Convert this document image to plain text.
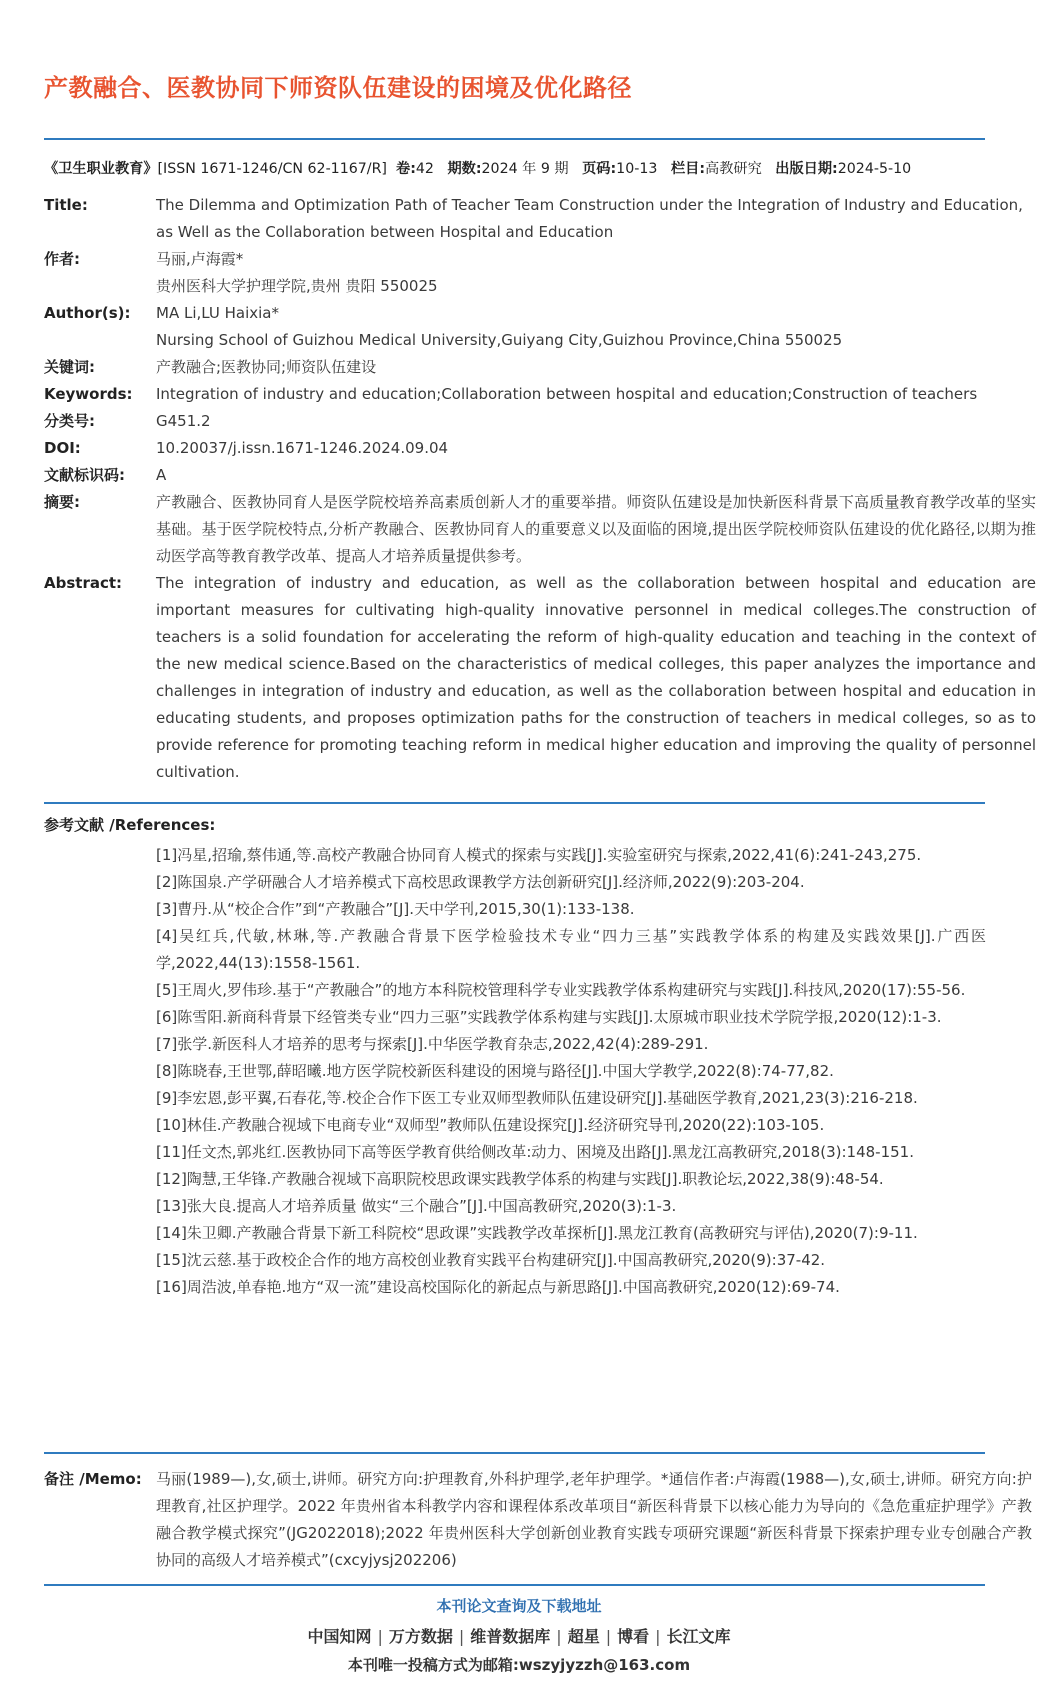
产教融合、医教协同下师资队伍建设的困境及优化路径
《卫生职业教育》[ISSN 1671-1246/CN 62-1167/R] 卷:42 期数:2024 年 9 期 页码:10-13 栏目:高教研究 出版日期:2024-5-10
Title:	The Dilemma and Optimization Path of Teacher Team Construction under the Integration of Industry and Education, as Well as the Collaboration between Hospital and Education
作者:	马丽,卢海霞*
贵州医科大学护理学院,贵州 贵阳 550025
Author(s): MA Li,LU Haixia*
Nursing School of Guizhou Medical University,Guiyang City,Guizhou Province,China 550025
关键词:	产教融合;医教协同;师资队伍建设
Keywords: Integration of industry and education;Collaboration between hospital and education;Construction of teachers
分类号:	G451.2
DOI:	10.20037/j.issn.1671-1246.2024.09.04
文献标识码: A
摘要:	产教融合、医教协同育人是医学院校培养高素质创新人才的重要举措。师资队伍建设是加快新医科背景下高质量教育教学改革的坚实基础。基于医学院校特点,分析产教融合、医教协同育人的重要意义以及面临的困境,提出医学院校师资队伍建设的优化路径,以期为推动医学高等教育教学改革、提高人才培养质量提供参考。
Abstract: The integration of industry and education, as well as the collaboration between hospital and education are important measures for cultivating high-quality innovative personnel in medical colleges.The construction of teachers is a solid foundation for accelerating the reform of high-quality education and teaching in the context of the new medical science.Based on the characteristics of medical colleges, this paper analyzes the importance and challenges in integration of industry and education, as well as the collaboration between hospital and education in educating students, and proposes optimization paths for the construction of teachers in medical colleges, so as to provide reference for promoting teaching reform in medical higher education and improving the quality of personnel cultivation.
参考文献 /References:
[1]冯星,招瑜,蔡伟通,等.高校产教融合协同育人模式的探索与实践[J].实验室研究与探索,2022,41(6):241-243,275.
[2]陈国泉.产学研融合人才培养模式下高校思政课教学方法创新研究[J].经济师,2022(9):203-204.
[3]曹丹.从“校企合作”到“产教融合”[J].天中学刊,2015,30(1):133-138.
[4]吴红兵,代敏,林琳,等.产教融合背景下医学检验技术专业“四力三基”实践教学体系的构建及实践效果[J].广西医学,2022,44(13):1558-1561.
[5]王周火,罗伟珍.基于“产教融合”的地方本科院校管理科学专业实践教学体系构建研究与实践[J].科技风,2020(17):55-56.
[6]陈雪阳.新商科背景下经管类专业“四力三驱”实践教学体系构建与实践[J].太原城市职业技术学院学报,2020(12):1-3.
[7]张学.新医科人才培养的思考与探索[J].中华医学教育杂志,2022,42(4):289-291.
[8]陈晓春,王世鄂,薛昭曦.地方医学院校新医科建设的困境与路径[J].中国大学教学,2022(8):74-77,82.
[9]李宏恩,彭平翼,石春花,等.校企合作下医工专业双师型教师队伍建设研究[J].基础医学教育,2021,23(3):216-218.
[10]林佳.产教融合视域下电商专业“双师型”教师队伍建设探究[J].经济研究导刊,2020(22):103-105.
[11]任文杰,郭兆红.医教协同下高等医学教育供给侧改革:动力、困境及出路[J].黑龙江高教研究,2018(3):148-151.
[12]陶慧,王华锋.产教融合视域下高职院校思政课实践教学体系的构建与实践[J].职教论坛,2022,38(9):48-54.
[13]张大良.提高人才培养质量 做实“三个融合”[J].中国高教研究,2020(3):1-3.
[14]朱卫卿.产教融合背景下新工科院校“思政课”实践教学改革探析[J].黑龙江教育(高教研究与评估),2020(7):9-11.
[15]沈云慈.基于政校企合作的地方高校创业教育实践平台构建研究[J].中国高教研究,2020(9):37-42.
[16]周浩波,单春艳.地方“双一流”建设高校国际化的新起点与新思路[J].中国高教研究,2020(12):69-74.
备注 /Memo: 马丽(1989—),女,硕士,讲师。研究方向:护理教育,外科护理学,老年护理学。*通信作者:卢海霞(1988—),女,硕士,讲师。研究方向:护理教育,社区护理学。2022 年贵州省本科教学内容和课程体系改革项目“新医科背景下以核心能力为导向的《急危重症护理学》产教融合教学模式探究”(JG2022018);2022 年贵州医科大学创新创业教育实践专项研究课题“新医科背景下探索护理专业专创融合产教协同的高级人才培养模式”(cxcyjysj202206)
本刊论文查询及下载地址
中国知网 | 万方数据 | 维普数据库 | 超星 | 博看 | 长江文库
本刊唯一投稿方式为邮箱:wszyjyzzh@163.com
